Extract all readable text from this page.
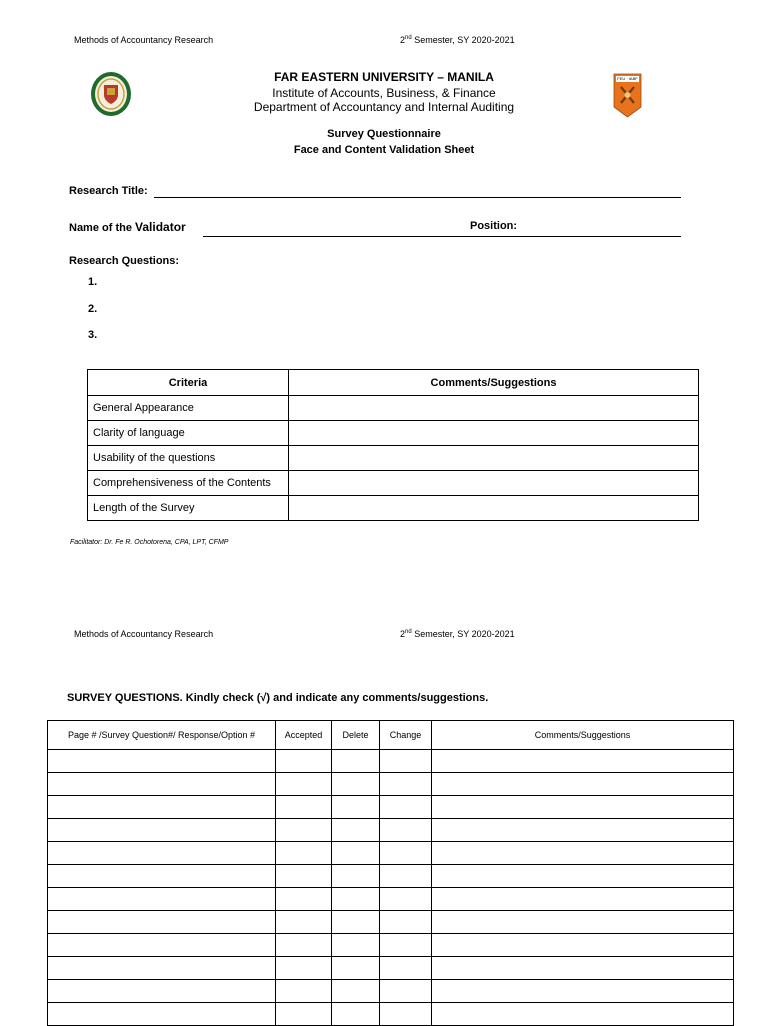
Methods of Accountancy Research	2nd Semester, SY 2020-2021
FAR EASTERN UNIVERSITY – MANILA
Institute of Accounts, Business, & Finance
Department of Accountancy and Internal Auditing
FEU · IABF
Survey Questionnaire
Face and Content Validation Sheet
Research Title:
Name of the Validator	Position:
Research Questions:
1.
2.
3.
Criteria	Comments/Suggestions
General Appearance	
Clarity of language	
Usability of the questions	
Comprehensiveness of the Contents	
Length of the Survey	
Facilitator: Dr. Fe R. Ochotorena, CPA, LPT, CFMP
Methods of Accountancy Research	2nd Semester, SY 2020-2021
SURVEY QUESTIONS. Kindly check (√) and indicate any comments/suggestions.
Page # /Survey Question#/ Response/Option #	Accepted	Delete	Change	Comments/Suggestions
